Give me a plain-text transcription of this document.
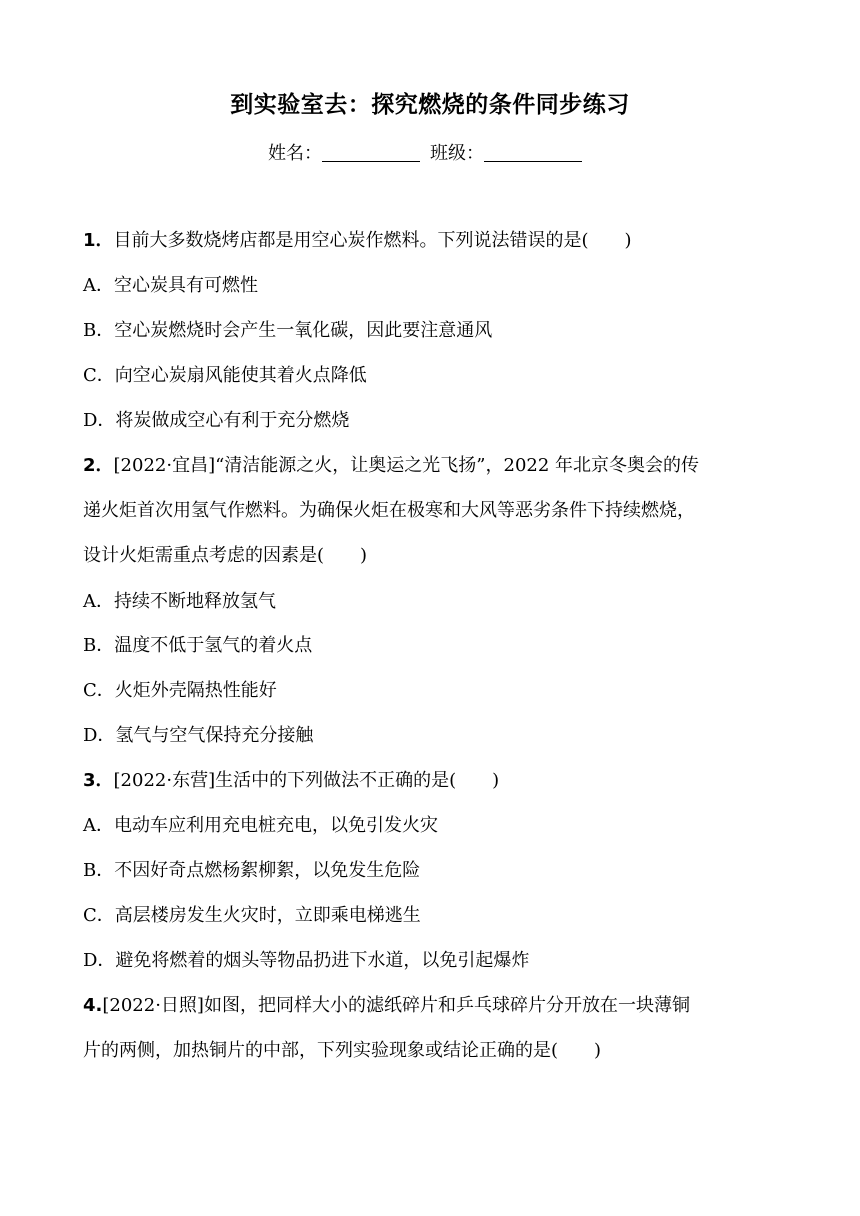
到实验室去：探究燃烧的条件同步练习
姓名：	班级：
1．目前大多数烧烤店都是用空心炭作燃料。下列说法错误的是(　　)
A．空心炭具有可燃性
B．空心炭燃烧时会产生一氧化碳，因此要注意通风
C．向空心炭扇风能使其着火点降低
D．将炭做成空心有利于充分燃烧
2．[2022·宜昌]“清洁能源之火，让奥运之光飞扬”，2022 年北京冬奥会的传
递火炬首次用氢气作燃料。为确保火炬在极寒和大风等恶劣条件下持续燃烧，
设计火炬需重点考虑的因素是(　　)
A．持续不断地释放氢气
B．温度不低于氢气的着火点
C．火炬外壳隔热性能好
D．氢气与空气保持充分接触
3．[2022·东营]生活中的下列做法不正确的是(　　)
A．电动车应利用充电桩充电，以免引发火灾
B．不因好奇点燃杨絮柳絮，以免发生危险
C．高层楼房发生火灾时，立即乘电梯逃生
D．避免将燃着的烟头等物品扔进下水道，以免引起爆炸
4.[2022·日照]如图，把同样大小的滤纸碎片和乒乓球碎片分开放在一块薄铜
片的两侧，加热铜片的中部，下列实验现象或结论正确的是(　　)
